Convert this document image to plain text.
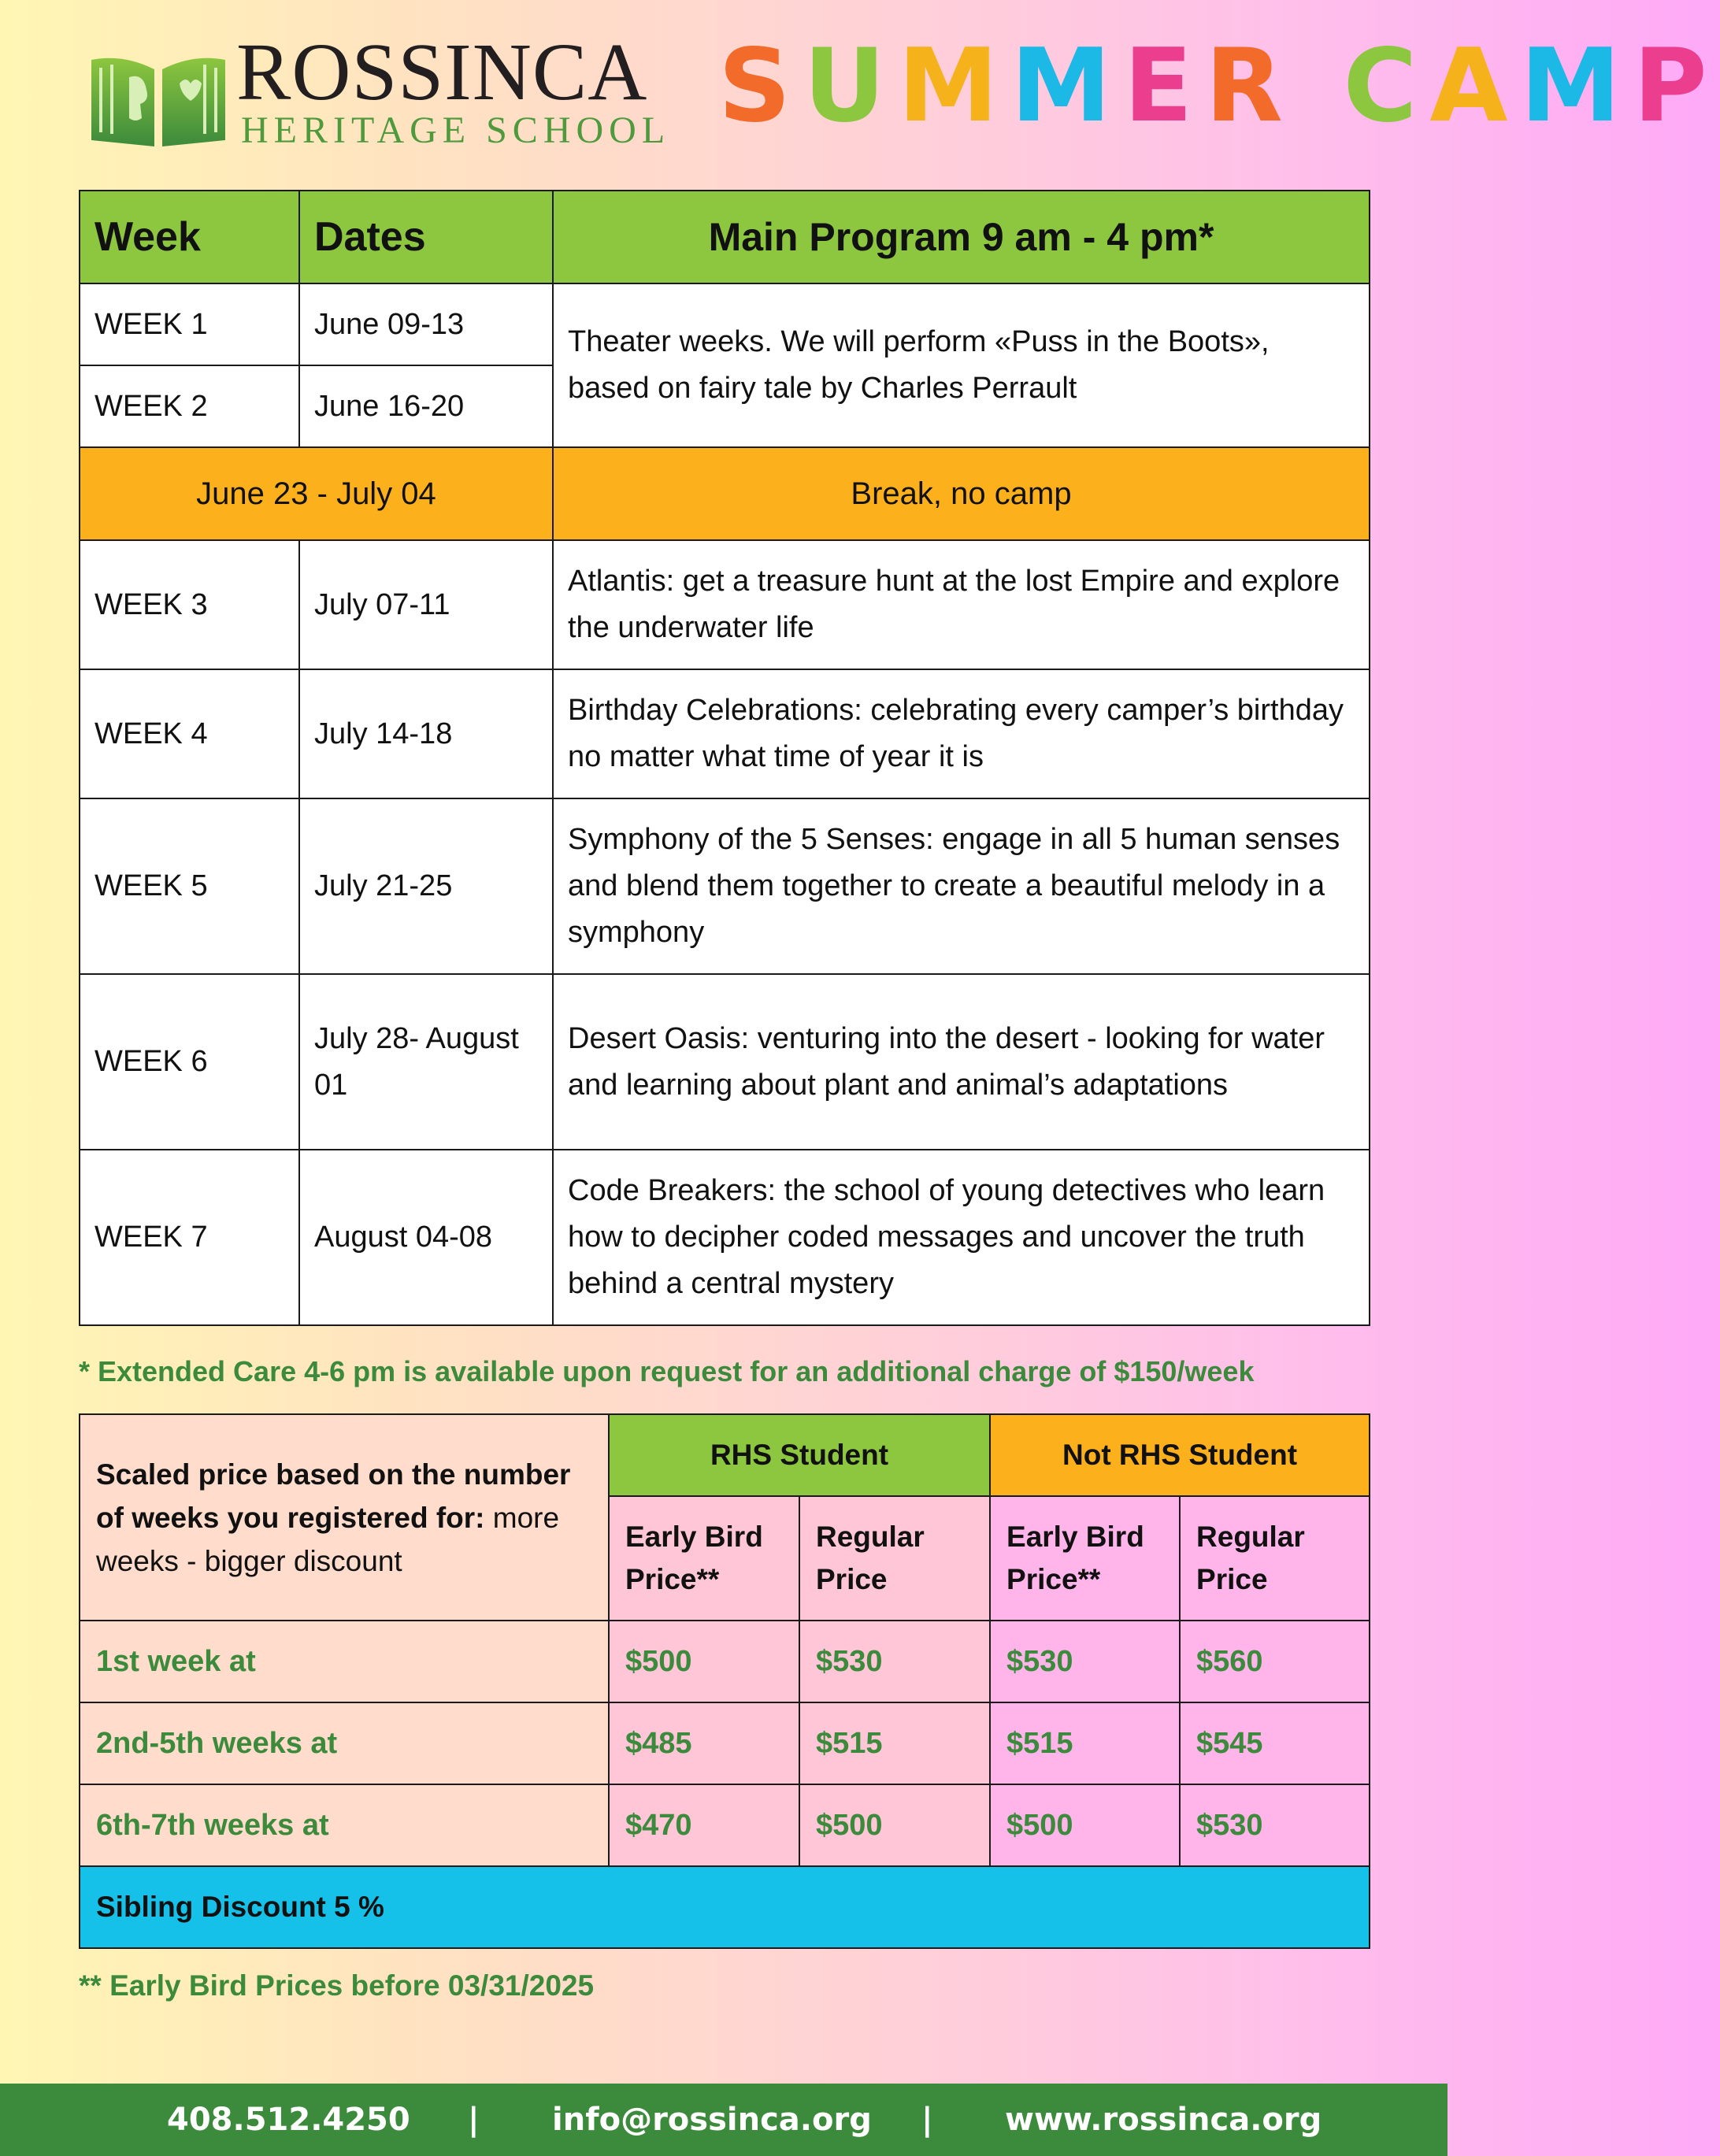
ROSSINCA
HERITAGE SCHOOL SUMMER CAMP
Week	Dates	Main Program 9 am - 4 pm*
WEEK 1	June 09-13	Theater weeks. We will perform «Puss in the Boots», based on fairy tale by Charles Perrault
WEEK 2	June 16-20	
June 23 - July 04		Break, no camp
WEEK 3	July 07-11	Atlantis: get a treasure hunt at the lost Empire and explore the underwater life
WEEK 4	July 14-18	Birthday Celebrations: celebrating every camper’s birthday no matter what time of year it is
WEEK 5	July 21-25	Symphony of the 5 Senses: engage in all 5 human senses and blend them together to create a beautiful melody in a symphony
WEEK 6	July 28- August 01	Desert Oasis: venturing into the desert - looking for water and learning about plant and animal’s adaptations
WEEK 7	August 04-08	Code Breakers: the school of young detectives who learn how to decipher coded messages and uncover the truth behind a central mystery
* Extended Care 4-6 pm is available upon request for an additional charge of $150/week
Scaled price based on the number of weeks you registered for: more weeks - bigger discount	RHS Student		Not RHS Student	
	Early Bird Price**	Regular Price	Early Bird Price**	Regular Price
1st week at	$500	$530	$530	$560
2nd-5th weeks at	$485	$515	$515	$545
6th-7th weeks at	$470	$500	$500	$530
Sibling Discount 5 %				
** Early Bird Prices before 03/31/2025
408.512.4250 | info@rossinca.org | www.rossinca.org
